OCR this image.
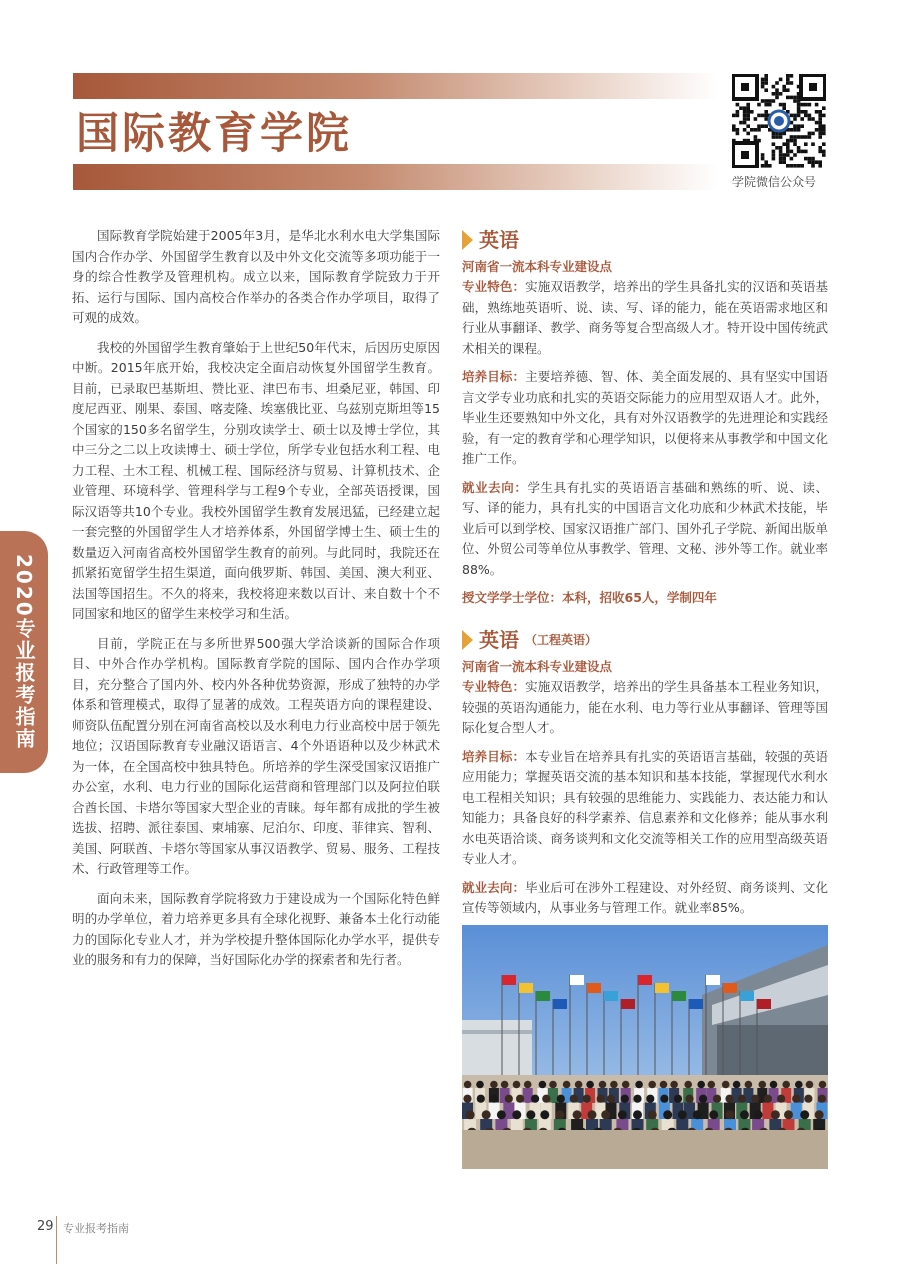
国际教育学院
学院微信公众号
2020专业报考指南

国际教育学院始建于2005年3月，是华北水利水电大学集国际国内合作办学、外国留学生教育以及中外文化交流等多项功能于一身的综合性教学及管理机构。成立以来，国际教育学院致力于开拓、运行与国际、国内高校合作举办的各类合作办学项目，取得了可观的成效。

我校的外国留学生教育肇始于上世纪50年代末，后因历史原因中断。2015年底开始，我校决定全面启动恢复外国留学生教育。目前，已录取巴基斯坦、赞比亚、津巴布韦、坦桑尼亚，韩国、印度尼西亚、刚果、泰国、喀麦隆、埃塞俄比亚、乌兹别克斯坦等15个国家的150多名留学生，分别攻读学士、硕士以及博士学位，其中三分之二以上攻读博士、硕士学位，所学专业包括水利工程、电力工程、土木工程、机械工程、国际经济与贸易、计算机技术、企业管理、环境科学、管理科学与工程9个专业，全部英语授课，国际汉语等共10个专业。我校外国留学生教育发展迅猛，已经建立起一套完整的外国留学生人才培养体系，外国留学博士生、硕士生的数量迈入河南省高校外国留学生教育的前列。与此同时，我院还在抓紧拓宽留学生招生渠道，面向俄罗斯、韩国、美国、澳大利亚、法国等国招生。不久的将来，我校将迎来数以百计、来自数十个不同国家和地区的留学生来校学习和生活。

目前，学院正在与多所世界500强大学洽谈新的国际合作项目、中外合作办学机构。国际教育学院的国际、国内合作办学项目，充分整合了国内外、校内外各种优势资源，形成了独特的办学体系和管理模式，取得了显著的成效。工程英语方向的课程建设、师资队伍配置分别在河南省高校以及水利电力行业高校中居于领先地位；汉语国际教育专业融汉语语言、4个外语语种以及少林武术为一体，在全国高校中独具特色。所培养的学生深受国家汉语推广办公室，水利、电力行业的国际化运营商和管理部门以及阿拉伯联合酋长国、卡塔尔等国家大型企业的青睐。每年都有成批的学生被选拔、招聘、派往泰国、柬埔寨、尼泊尔、印度、菲律宾、智利、美国、阿联酋、卡塔尔等国家从事汉语教学、贸易、服务、工程技术、行政管理等工作。

面向未来，国际教育学院将致力于建设成为一个国际化特色鲜明的办学单位，着力培养更多具有全球化视野、兼备本土化行动能力的国际化专业人才，并为学校提升整体国际化办学水平，提供专业的服务和有力的保障，当好国际化办学的探索者和先行者。

英语
河南省一流本科专业建设点

专业特色：实施双语教学，培养出的学生具备扎实的汉语和英语基础，熟练地英语听、说、读、写、译的能力，能在英语需求地区和行业从事翻译、教学、商务等复合型高级人才。特开设中国传统武术相关的课程。

培养目标：主要培养德、智、体、美全面发展的、具有坚实中国语言文学专业功底和扎实的英语交际能力的应用型双语人才。此外，毕业生还要熟知中外文化，具有对外汉语教学的先进理论和实践经验，有一定的教育学和心理学知识，以便将来从事教学和中国文化推广工作。

就业去向：学生具有扎实的英语语言基础和熟练的听、说、读、写、译的能力，具有扎实的中国语言文化功底和少林武术技能，毕业后可以到学校、国家汉语推广部门、国外孔子学院、新闻出版单位、外贸公司等单位从事教学、管理、文秘、涉外等工作。就业率88%。

授文学学士学位：本科，招收65人，学制四年
英语 （工程英语）
河南省一流本科专业建设点

专业特色：实施双语教学，培养出的学生具备基本工程业务知识，较强的英语沟通能力，能在水利、电力等行业从事翻译、管理等国际化复合型人才。

培养目标：本专业旨在培养具有扎实的英语语言基础，较强的英语应用能力；掌握英语交流的基本知识和基本技能，掌握现代水利水电工程相关知识；具有较强的思维能力、实践能力、表达能力和认知能力；具备良好的科学素养、信息素养和文化修养；能从事水利水电英语洽谈、商务谈判和文化交流等相关工作的应用型高级英语专业人才。

就业去向：毕业后可在涉外工程建设、对外经贸、商务谈判、文化宣传等领域内，从事业务与管理工作。就业率85%。

29 专业报考指南
